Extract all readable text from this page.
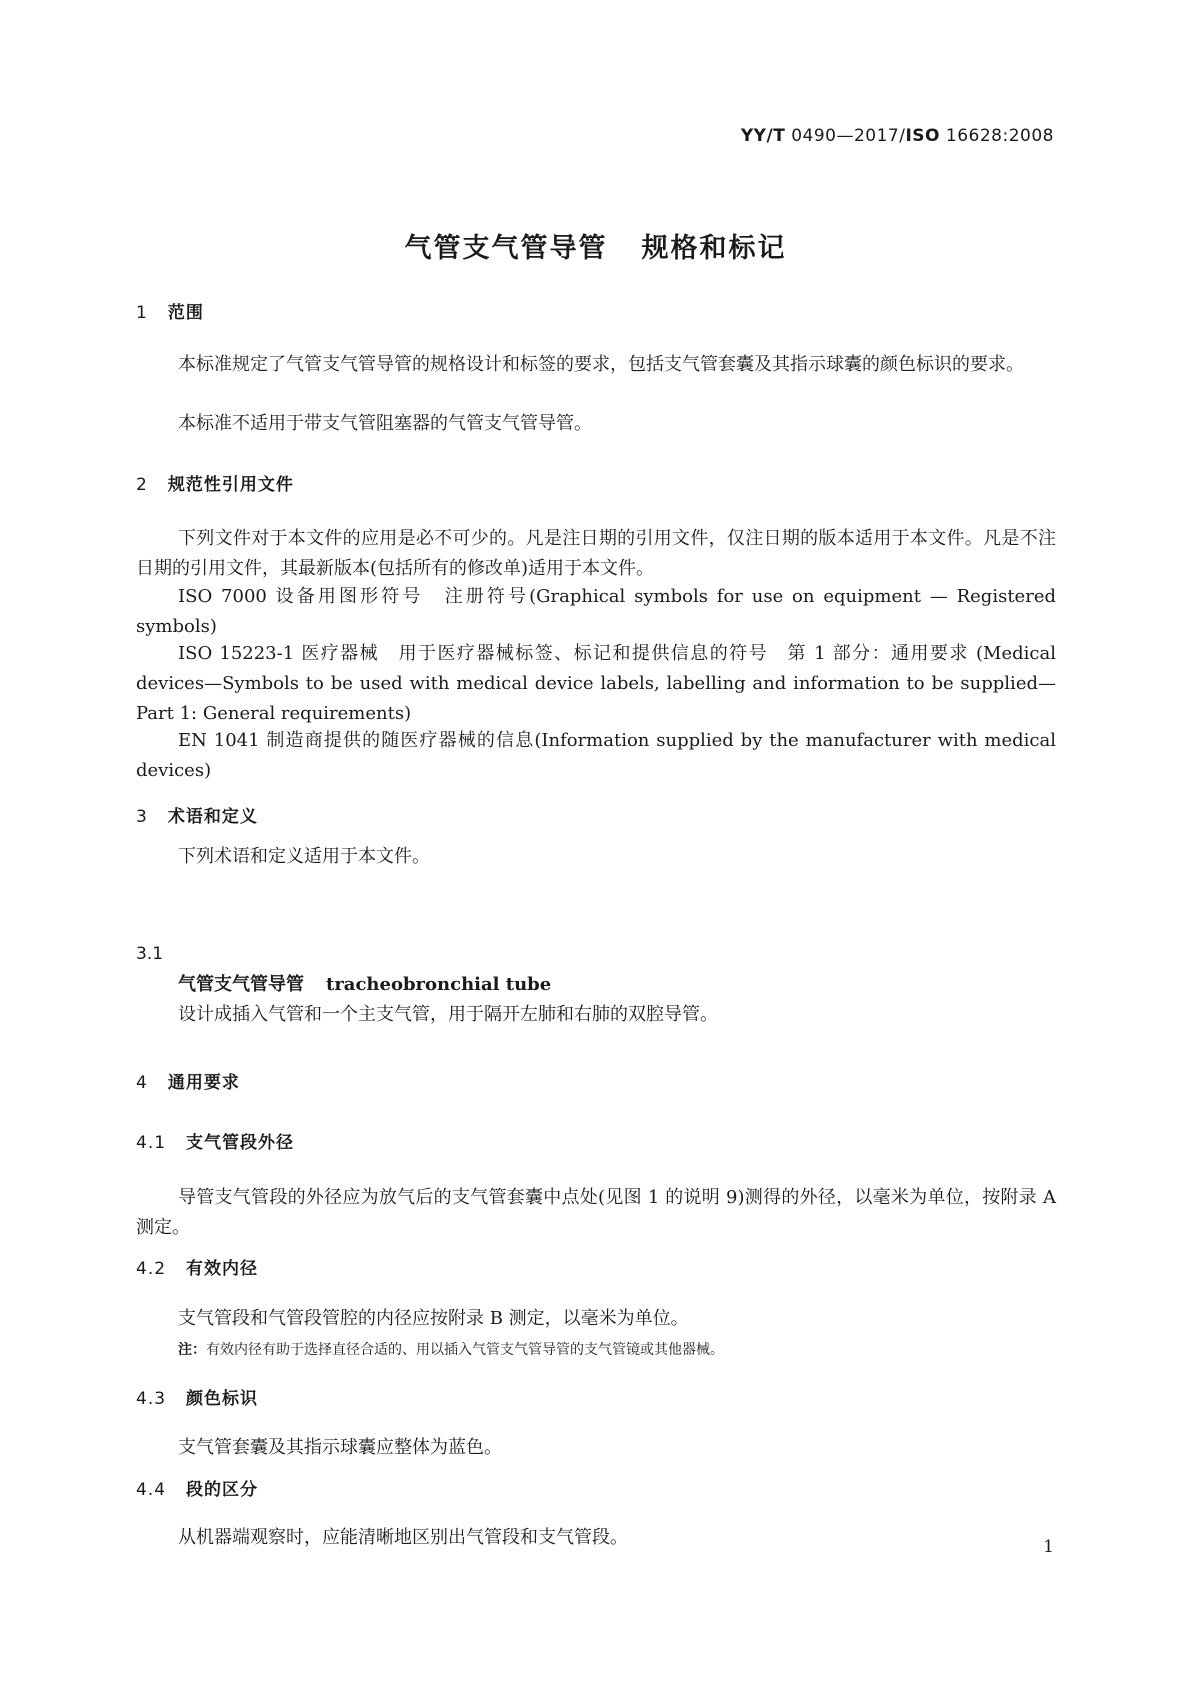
YY/T 0490—2017/ISO 16628:2008
气管支气管导管 规格和标记
1 范围
本标准规定了气管支气管导管的规格设计和标签的要求，包括支气管套囊及其指示球囊的颜色标识的要求。
本标准不适用于带支气管阻塞器的气管支气管导管。
2 规范性引用文件
下列文件对于本文件的应用是必不可少的。凡是注日期的引用文件，仅注日期的版本适用于本文件。凡是不注日期的引用文件，其最新版本(包括所有的修改单)适用于本文件。
ISO 7000 设备用图形符号　注册符号(Graphical symbols for use on equipment — Registered symbols)
ISO 15223-1 医疗器械　用于医疗器械标签、标记和提供信息的符号　第 1 部分：通用要求 (Medical devices—Symbols to be used with medical device labels, labelling and information to be supplied—Part 1: General requirements)
EN 1041 制造商提供的随医疗器械的信息(Information supplied by the manufacturer with medical devices)
3 术语和定义
下列术语和定义适用于本文件。
3.1
气管支气管导管 tracheobronchial tube
设计成插入气管和一个主支气管，用于隔开左肺和右肺的双腔导管。
4 通用要求
4.1 支气管段外径
导管支气管段的外径应为放气后的支气管套囊中点处(见图 1 的说明 9)测得的外径，以毫米为单位，按附录 A 测定。
4.2 有效内径
支气管段和气管段管腔的内径应按附录 B 测定，以毫米为单位。
注：有效内径有助于选择直径合适的、用以插入气管支气管导管的支气管镜或其他器械。
4.3 颜色标识
支气管套囊及其指示球囊应整体为蓝色。
4.4 段的区分
从机器端观察时，应能清晰地区别出气管段和支气管段。	1
